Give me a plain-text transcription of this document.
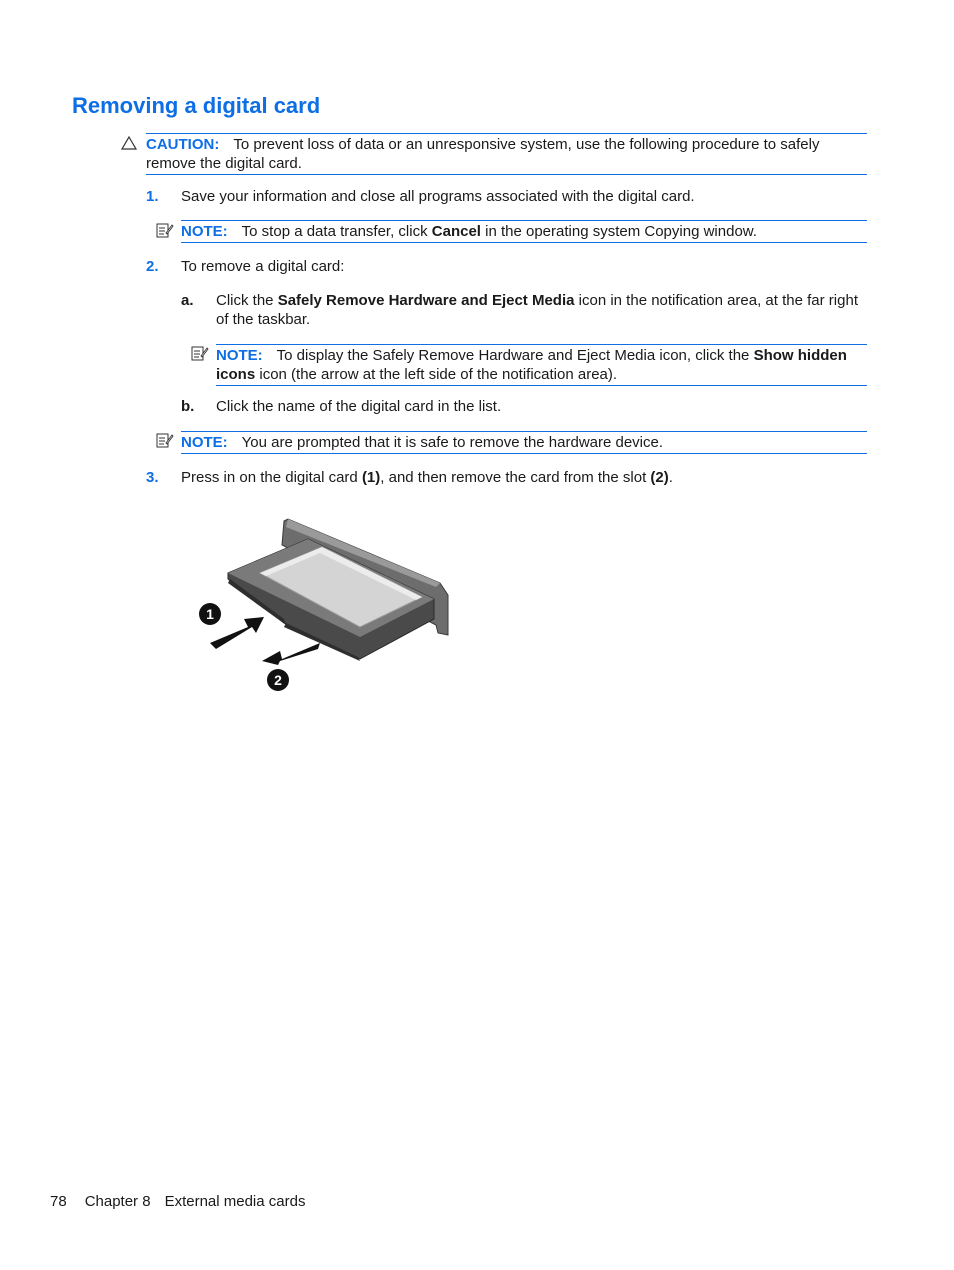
Removing a digital card
CAUTION: To prevent loss of data or an unresponsive system, use the following procedure to safely remove the digital card.
1. Save your information and close all programs associated with the digital card.
NOTE: To stop a data transfer, click Cancel in the operating system Copying window.
2. To remove a digital card:
a. Click the Safely Remove Hardware and Eject Media icon in the notification area, at the far right of the taskbar.
NOTE: To display the Safely Remove Hardware and Eject Media icon, click the Show hidden icons icon (the arrow at the left side of the notification area).
b. Click the name of the digital card in the list.
NOTE: You are prompted that it is safe to remove the hardware device.
3. Press in on the digital card (1), and then remove the card from the slot (2).
1
2
78 Chapter 8 External media cards
